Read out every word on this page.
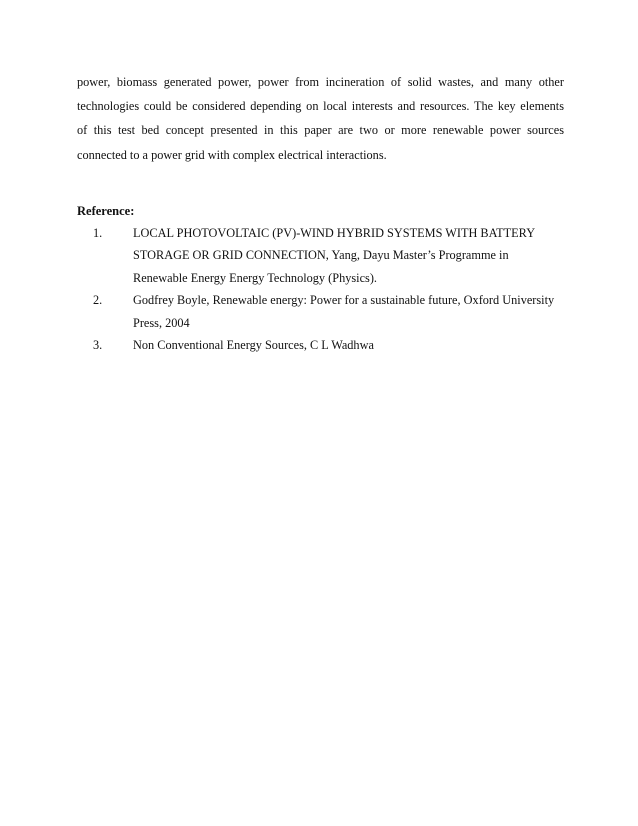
power, biomass generated power, power from incineration of solid wastes, and many other
technologies could be considered depending on local interests and resources. The key elements
of this test bed concept presented in this paper are two or more renewable power sources
connected to a power grid with complex electrical interactions.
Reference:
1.	LOCAL PHOTOVOLTAIC (PV)-WIND HYBRID SYSTEMS WITH BATTERY
STORAGE OR GRID CONNECTION, Yang, Dayu Master’s Programme in
Renewable Energy Energy Technology (Physics).
2.	Godfrey Boyle, Renewable energy: Power for a sustainable future, Oxford University
Press, 2004
3.	Non Conventional Energy Sources, C L Wadhwa
